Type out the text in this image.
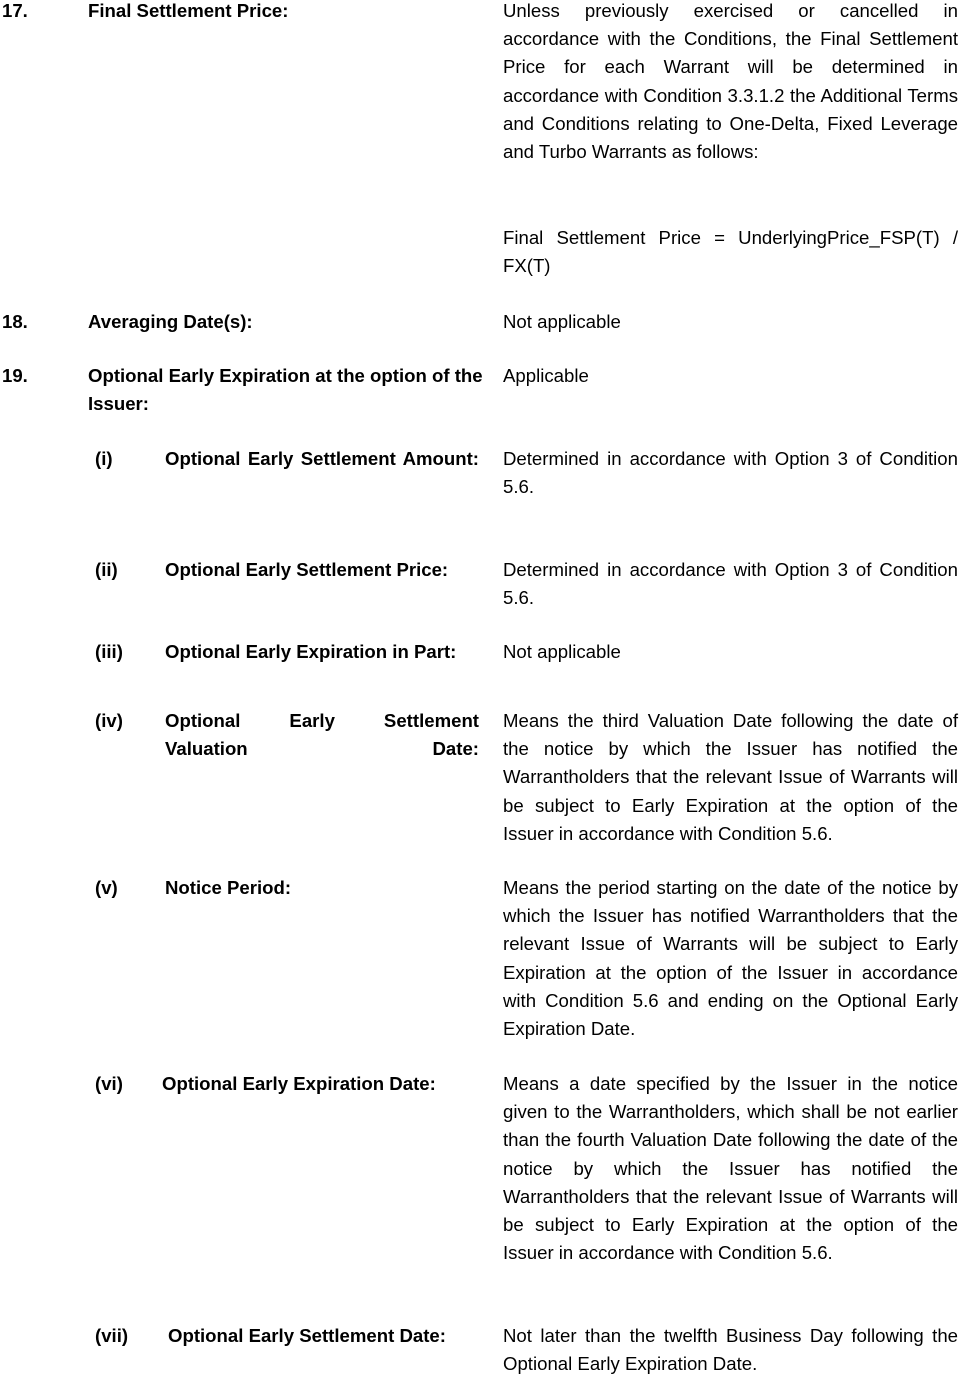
17.	Final Settlement Price:	Unless previously exercised or cancelled in accordance with the Conditions, the Final Settlement Price for each Warrant will be determined in accordance with Condition 3.3.1.2 the Additional Terms and Conditions relating to One-Delta, Fixed Leverage and Turbo Warrants as follows:
Final Settlement Price = UnderlyingPrice_FSP(T) / FX(T)
18.	Averaging Date(s):	Not applicable
19.	Optional Early Expiration at the option of the Issuer:
Applicable
(i)	Optional Early Settlement Amount: Determined in accordance with Option 3 of Condition 5.6.
(ii)	Optional Early Settlement Price:	Determined in accordance with Option 3 of Condition 5.6.
(iii) Optional Early Expiration in Part:	Not applicable
(iv) Optional Early Settlement Valuation Date:
Means the third Valuation Date following the date of the notice by which the Issuer has notified the Warrantholders that the relevant Issue of Warrants will be subject to Early Expiration at the option of the Issuer in accordance with Condition 5.6.
(v)	Notice Period:	Means the period starting on the date of the notice by which the Issuer has notified Warrantholders that the relevant Issue of Warrants will be subject to Early Expiration at the option of the Issuer in accordance with Condition 5.6 and ending on the Optional Early Expiration Date.
(vi) Optional Early Expiration Date:	Means a date specified by the Issuer in the notice given to the Warrantholders, which shall be not earlier than the fourth Valuation Date following the date of the notice by which the Issuer has notified the Warrantholders that the relevant Issue of Warrants will be subject to Early Expiration at the option of the Issuer in accordance with Condition 5.6.
(vii) Optional Early Settlement Date:	Not later than the twelfth Business Day following the Optional Early Expiration Date.
